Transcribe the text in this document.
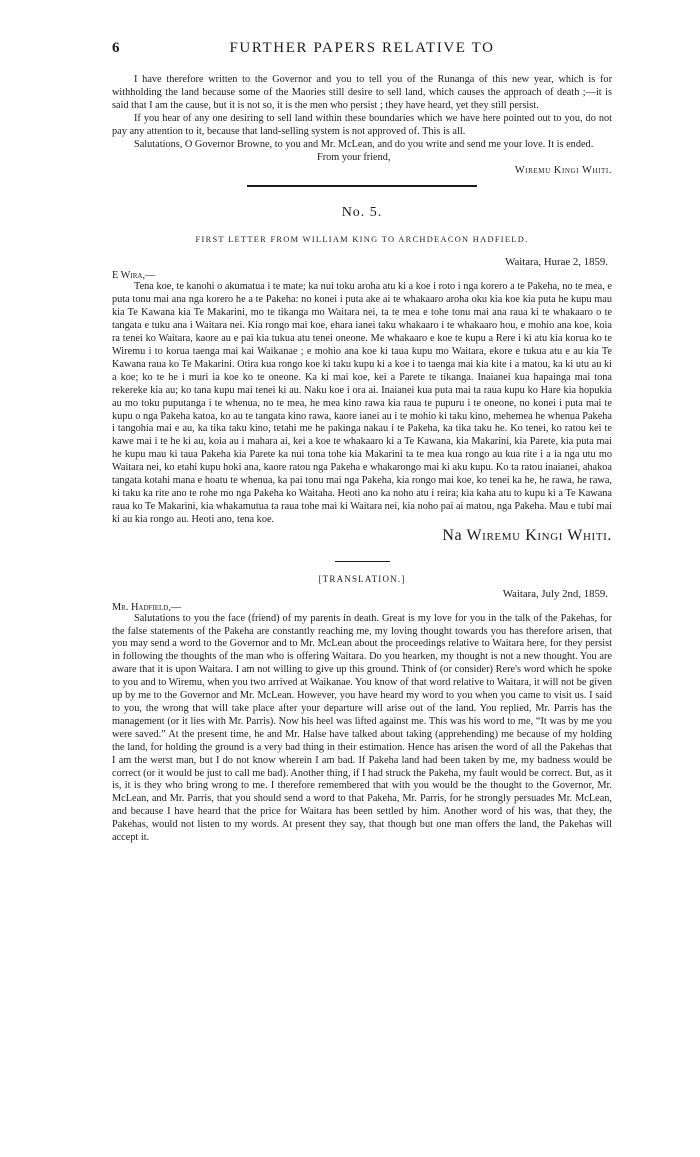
6	FURTHER PAPERS RELATIVE TO

I have therefore written to the Governor and you to tell you of the Runanga of this new year, which is for withholding the land because some of the Maories still desire to sell land, which causes the approach of death ;—it is said that I am the cause, but it is not so, it is the men who persist ; they have heard, yet they still persist.

If you hear of any one desiring to sell land within these boundaries which we have here pointed out to you, do not pay any attention to it, because that land-selling system is not approved of. This is all.

Salutations, O Governor Browne, to you and Mr. McLean, and do you write and send me your love. It is ended.

From your friend,
Wiremu Kingi Whiti.
No. 5.
FIRST LETTER FROM WILLIAM KING TO ARCHDEACON HADFIELD.
Waitara, Hurae 2, 1859.
E Wira,—

Tena koe, te kanohi o akumatua i te mate; ka nui toku aroha atu ki a koe i roto i nga korero a te Pakeha, no te mea, e puta tonu mai ana nga korero he a te Pakeha: no konei i puta ake ai te whakaaro aroha oku kia koe kia puta he kupu mau kia Te Kawana kia Te Makarini, mo te tikanga mo Waitara nei, ta te mea e tohe tonu mai ana raua ki te whakaaro o te tangata e tuku ana i Waitara nei. Kia rongo mai koe, ehara ianei taku whakaaro i te whakaaro hou, e mohio ana koe, koia ra tenei ko Waitara, kaore au e pai kia tukua atu tenei oneone. Me whakaaro e koe te kupu a Rere i ki atu kia korua ko te Wiremu i to korua taenga mai kai Waikanae ; e mohio ana koe ki taua kupu mo Waitara, ekore e tukua atu e au kia Te Kawana raua ko Te Makarini. Otira kua rongo koe ki taku kupu ki a koe i to taenga mai kia kite i a matou, ka ki utu au ki a koe; ko te he i muri ia koe ko te oneone. Ka ki mai koe, kei a Parete te tikanga. Inaianei kua hapainga mai tona rekereke kia au; ko tana kupu mai tenei ki au. Naku koe i ora ai. Inaianei kua puta mai ta raua kupu ko Hare kia hopukia au mo toku puputanga i te whenua, no te mea, he mea kino rawa kia raua te pupuru i te oneone, no konei i puta mai te kupu o nga Pakeha katoa, ko au te tangata kino rawa, kaore ianei au i te mohio ki taku kino, mehemea he whenua Pakeha i tangohia mai e au, ka tika taku kino, tetahi me he pakinga nakau i te Pakeha, ka tika taku he. Ko tenei, ko ratou kei te kawe mai i te he ki au, koia au i mahara ai, kei a koe te whakaaro ki a Te Kawana, kia Makarini, kia Parete, kia puta mai he kupu mau ki taua Pakeha kia Parete ka nui tona tohe kia Makarini ta te mea kua rongo au kua rite i a ia nga utu mo Waitara nei, ko etahi kupu hoki ana, kaore ratou nga Pakeha e whakarongo mai ki aku kupu. Ko ta ratou inaianei, ahakoa tangata kotahi mana e hoatu te whenua, ka pai tonu mai nga Pakeha, kia rongo mai koe, ko tenei ka he, he rawa, he rawa, ki taku ka rite ano te rohe mo nga Pakeha ko Waitaha. Heoti ano ka noho atu i reira; kia kaha atu to kupu ki a Te Kawana raua ko Te Makarini, kia whakamutua ta raua tohe mai ki Waitara nei, kia noho pai ai matou, nga Pakeha. Mau e tubi mai ki au kia rongo au. Heoti ano, tena koe.

Na Wiremu Kingi Whiti.
[TRANSLATION.]
Waitara, July 2nd, 1859.
Mr. Hadfield,—

Salutations to you the face (friend) of my parents in death. Great is my love for you in the talk of the Pakehas, for the false statements of the Pakeha are constantly reaching me, my loving thought towards you has therefore arisen, that you may send a word to the Governor and to Mr. McLean about the proceedings relative to Waitara here, for they persist in following the thoughts of the man who is offering Waitara. Do you hearken, my thought is not a new thought. You are aware that it is upon Waitara. I am not willing to give up this ground. Think of (or consider) Rere's word which he spoke to you and to Wiremu, when you two arrived at Waikanae. You know of that word relative to Waitara, it will not be given up by me to the Governor and Mr. McLean. However, you have heard my word to you when you came to visit us. I said to you, the wrong that will take place after your departure will arise out of the land. You replied, Mr. Parris has the management (or it lies with Mr. Parris). Now his heel was lifted against me. This was his word to me, “It was by me you were saved.” At the present time, he and Mr. Halse have talked about taking (apprehending) me because of my holding the land, for holding the ground is a very bad thing in their estimation. Hence has arisen the word of all the Pakehas that I am the werst man, but I do not know wherein I am bad. If Pakeha land had been taken by me, my badness would be correct (or it would be just to call me bad). Another thing, if I had struck the Pakeha, my fault would be correct. But, as it is, it is they who bring wrong to me. I therefore remembered that with you would be the thought to the Governor, Mr. McLean, and Mr. Parris, that you should send a word to that Pakeha, Mr. Parris, for he strongly persuades Mr. McLean, and because I have heard that the price for Waitara has been settled by him. Another word of his was, that they, the Pakehas, would not listen to my words. At present they say, that though but one man offers the land, the Pakehas will accept it.
